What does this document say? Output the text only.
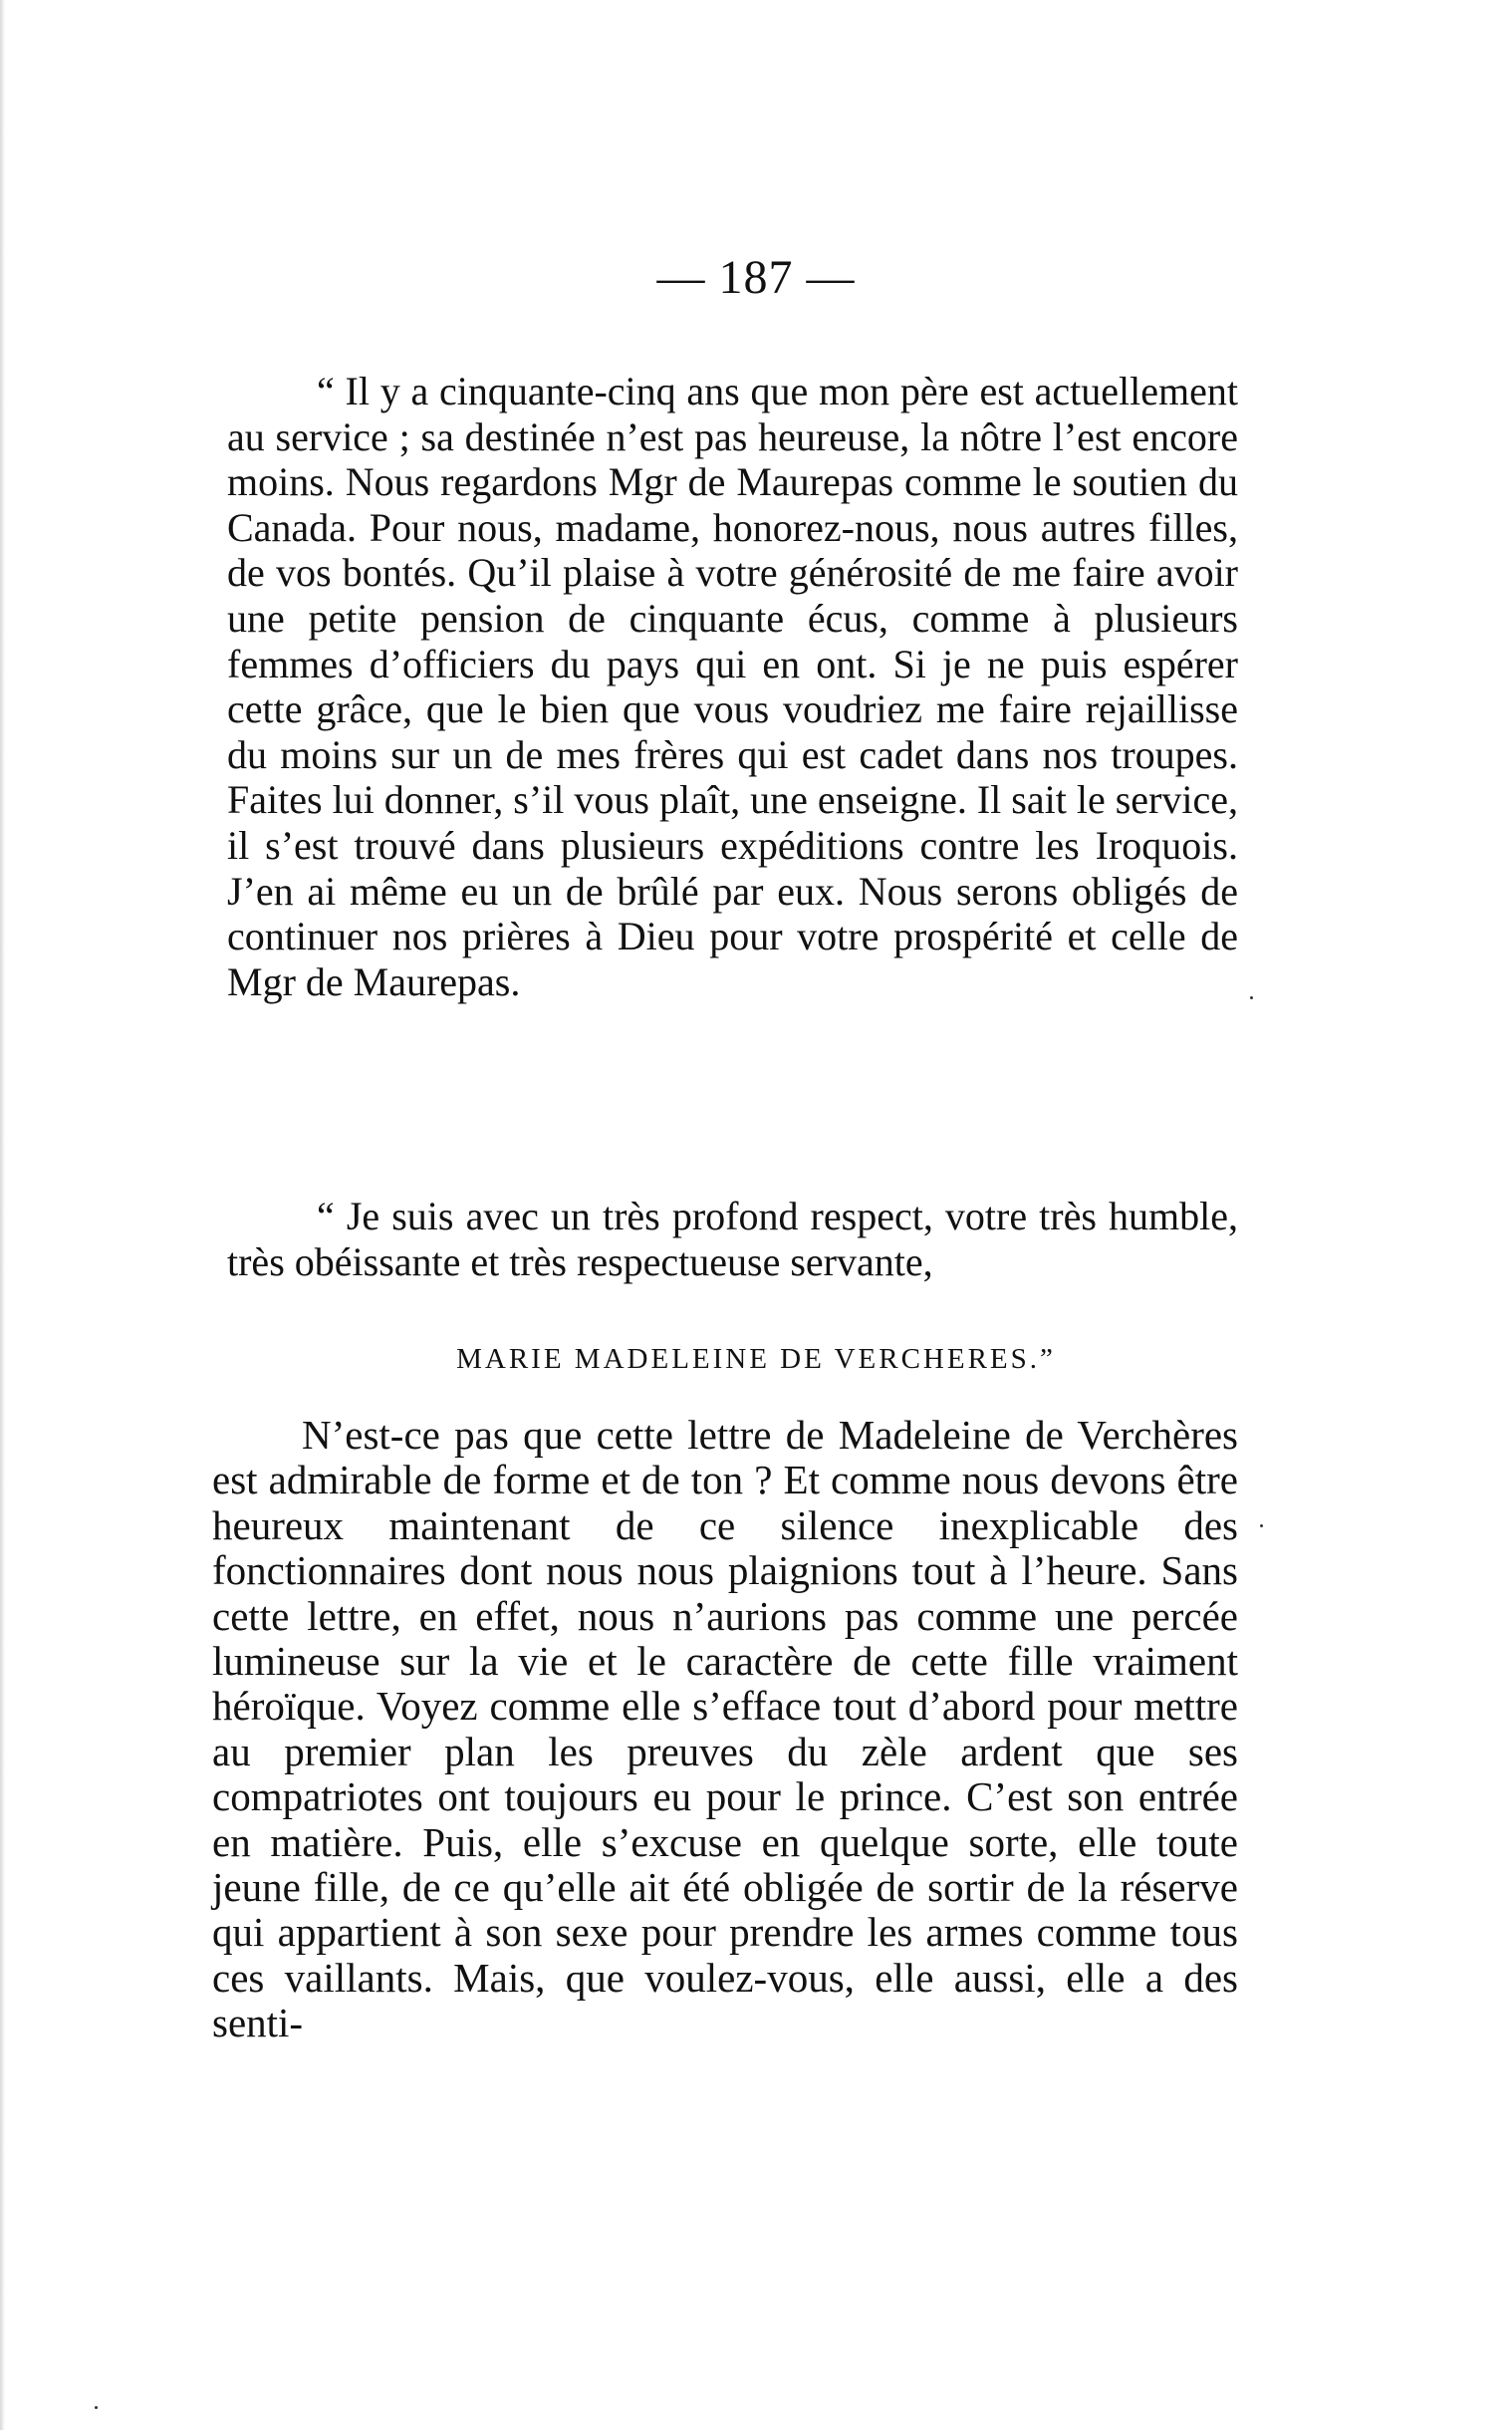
— 187 —

“ Il y a cinquante-cinq ans que mon père est actuellement au service ; sa destinée n’est pas heureuse, la nôtre l’est encore moins. Nous regardons Mgr de Maurepas comme le soutien du Canada. Pour nous, madame, honorez-nous, nous autres filles, de vos bontés. Qu’il plaise à votre générosité de me faire avoir une petite pension de cinquante écus, comme à plusieurs femmes d’officiers du pays qui en ont. Si je ne puis espérer cette grâce, que le bien que vous voudriez me faire rejaillisse du moins sur un de mes frères qui est cadet dans nos troupes. Faites lui donner, s’il vous plaît, une enseigne. Il sait le service, il s’est trouvé dans plusieurs expéditions contre les Iroquois. J’en ai même eu un de brûlé par eux. Nous serons obligés de continuer nos prières à Dieu pour votre prospérité et celle de Mgr de Maurepas.

“ Je suis avec un très profond respect, votre très humble, très obéissante et très respectueuse servante,

MARIE MADELEINE DE VERCHERES.”

N’est-ce pas que cette lettre de Madeleine de Verchères est admirable de forme et de ton ? Et comme nous devons être heureux maintenant de ce silence inexplicable des fonctionnaires dont nous nous plaignions tout à l’heure. Sans cette lettre, en effet, nous n’aurions pas comme une percée lumineuse sur la vie et le caractère de cette fille vraiment héroïque. Voyez comme elle s’efface tout d’abord pour mettre au premier plan les preuves du zèle ardent que ses compatriotes ont toujours eu pour le prince. C’est son entrée en matière. Puis, elle s’excuse en quelque sorte, elle toute jeune fille, de ce qu’elle ait été obligée de sortir de la réserve qui appartient à son sexe pour prendre les armes comme tous ces vaillants. Mais, que voulez-vous, elle aussi, elle a des senti-
